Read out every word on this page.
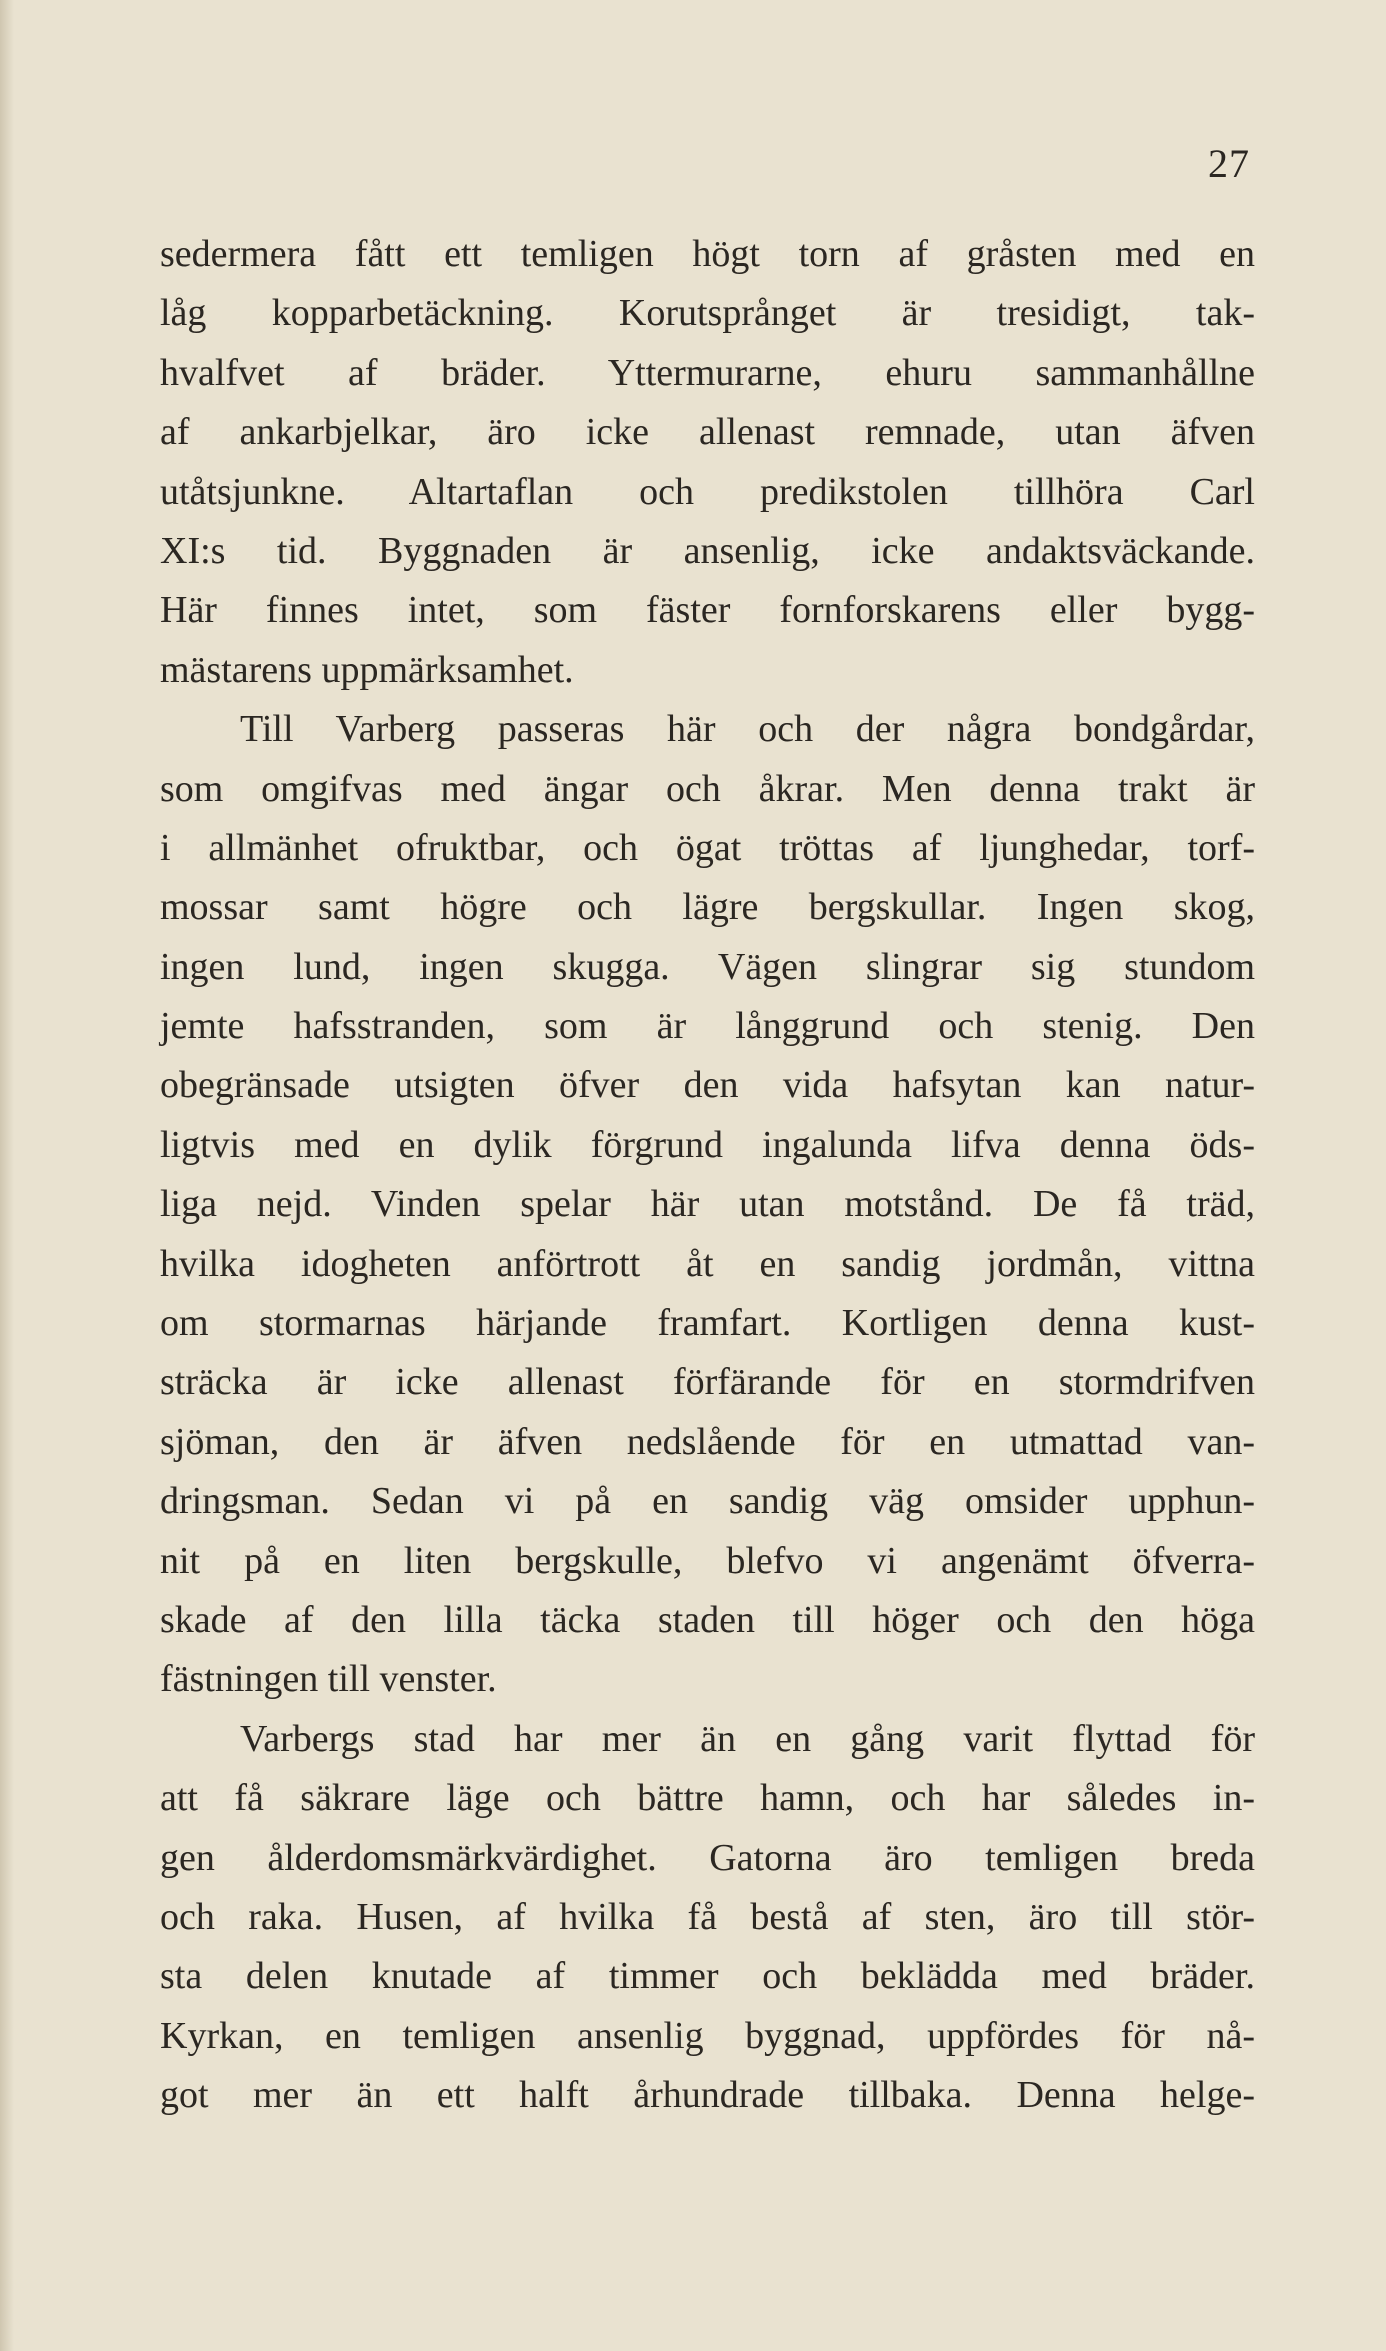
27
sedermera fått ett temligen högt torn af gråsten med en
låg kopparbetäckning. Korutsprånget är tresidigt, tak-
hvalfvet af bräder. Yttermurarne, ehuru sammanhållne
af ankarbjelkar, äro icke allenast remnade, utan äfven
utåtsjunkne. Altartaflan och predikstolen tillhöra Carl
XI:s tid. Byggnaden är ansenlig, icke andaktsväckande.
Här finnes intet, som fäster fornforskarens eller bygg-
mästarens uppmärksamhet.
Till Varberg passeras här och der några bondgårdar,
som omgifvas med ängar och åkrar. Men denna trakt är
i allmänhet ofruktbar, och ögat tröttas af ljunghedar, torf-
mossar samt högre och lägre bergskullar. Ingen skog,
ingen lund, ingen skugga. Vägen slingrar sig stundom
jemte hafsstranden, som är långgrund och stenig. Den
obegränsade utsigten öfver den vida hafsytan kan natur-
ligtvis med en dylik förgrund ingalunda lifva denna öds-
liga nejd. Vinden spelar här utan motstånd. De få träd,
hvilka idogheten anförtrott åt en sandig jordmån, vittna
om stormarnas härjande framfart. Kortligen denna kust-
sträcka är icke allenast förfärande för en stormdrifven
sjöman, den är äfven nedslående för en utmattad van-
dringsman. Sedan vi på en sandig väg omsider upphun-
nit på en liten bergskulle, blefvo vi angenämt öfverra-
skade af den lilla täcka staden till höger och den höga
fästningen till venster.
Varbergs stad har mer än en gång varit flyttad för
att få säkrare läge och bättre hamn, och har således in-
gen ålderdomsmärkvärdighet. Gatorna äro temligen breda
och raka. Husen, af hvilka få bestå af sten, äro till stör-
sta delen knutade af timmer och beklädda med bräder.
Kyrkan, en temligen ansenlig byggnad, uppfördes för nå-
got mer än ett halft århundrade tillbaka. Denna helge-
